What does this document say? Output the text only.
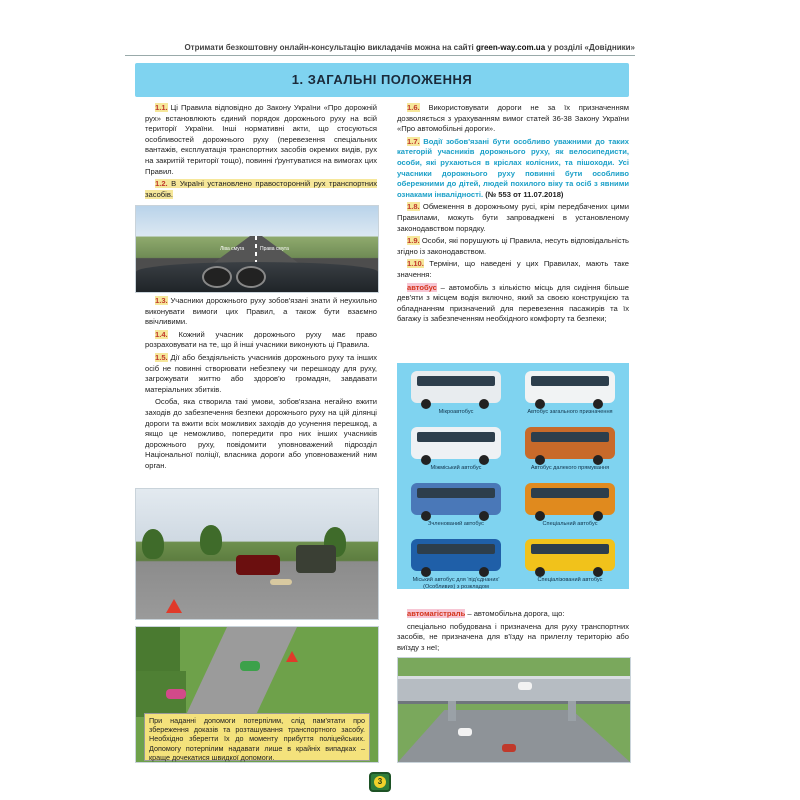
Отримати безкоштовну онлайн-консультацію викладачів можна на сайті green-way.com.ua у розділі «Довідники»
1. ЗАГАЛЬНІ ПОЛОЖЕННЯ

1.1. Ці Правила відповідно до Закону України «Про дорожній рух» встановлюють єдиний порядок дорожнього руху на всій території України. Інші нормативні акти, що стосуються особливостей дорожнього руху (перевезення спеціальних вантажів, експлуатація транспортних засобів окремих видів, рух на закритій території тощо), повинні ґрунтуватися на вимогах цих Правил.

1.2. В Україні установлено правосторонній рух транспортних засобів.

Ліва смуга	Права смуга

1.3. Учасники дорожнього руху зобов'язані знати й неухильно виконувати вимоги цих Правил, а також бути взаємно ввічливими.

1.4. Кожний учасник дорожнього руху має право розраховувати на те, що й інші учасники виконують ці Правила.

1.5. Дії або бездіяльність учасників дорожнього руху та інших осіб не повинні створювати небезпеку чи перешкоду для руху, загрожувати життю або здоров'ю громадян, завдавати матеріальних збитків.

Особа, яка створила такі умови, зобов'язана негайно вжити заходів до забезпечення безпеки дорожнього руху на цій ділянці дороги та вжити всіх можливих заходів до усунення перешкод, а якщо це неможливо, попередити про них інших учасників дорожнього руху, повідомити уповноважений підрозділ Національної поліції, власника дороги або уповноважений ним орган.

При наданні допомоги потерпілим, слід пам'ятати про збереження доказів та розташування транспортного засобу. Необхідно зберегти їх до моменту прибуття поліцейських. Допомогу потерпілим надавати лише в крайніх випадках – краще дочекатися швидкої допомоги.

1.6. Використовувати дороги не за їх призначенням дозволяється з урахуванням вимог статей 36-38 Закону України «Про автомобільні дороги».

1.7. Водії зобов'язані бути особливо уважними до таких категорій учасників дорожнього руху, як велосипедисти, особи, які рухаються в кріслах колісних, та пішоходи. Усі учасники дорожнього руху повинні бути особливо обережними до дітей, людей похилого віку та осіб з явними ознаками інвалідності. (№ 553 от 11.07.2018)

1.8. Обмеження в дорожньому русі, крім передбачених цими Правилами, можуть бути запроваджені в установленому законодавством порядку.

1.9. Особи, які порушують ці Правила, несуть відповідальність згідно із законодавством.

1.10. Терміни, що наведені у цих Правилах, мають таке значення:

автобус – автомобіль з кількістю місць для сидіння більше дев'яти з місцем водія включно, який за своєю конструкцією та обладнанням призначений для перевезення пасажирів та їх багажу із забезпеченням необхідного комфорту та безпеки;

Мікроавтобус	Автобус загального призначення
Міжміський автобус	Автобус далекого прямування
Зчленований автобус	Спеціальний автобус
Міський автобус для 'під'єднаних' (Особливих) з розкладом
Спеціалізований автобус

автомагістраль – автомобільна дорога, що:

спеціально побудована і призначена для руху транспортних засобів, не призначена для в'їзду на прилеглу територію або виїзду з неї;

3
